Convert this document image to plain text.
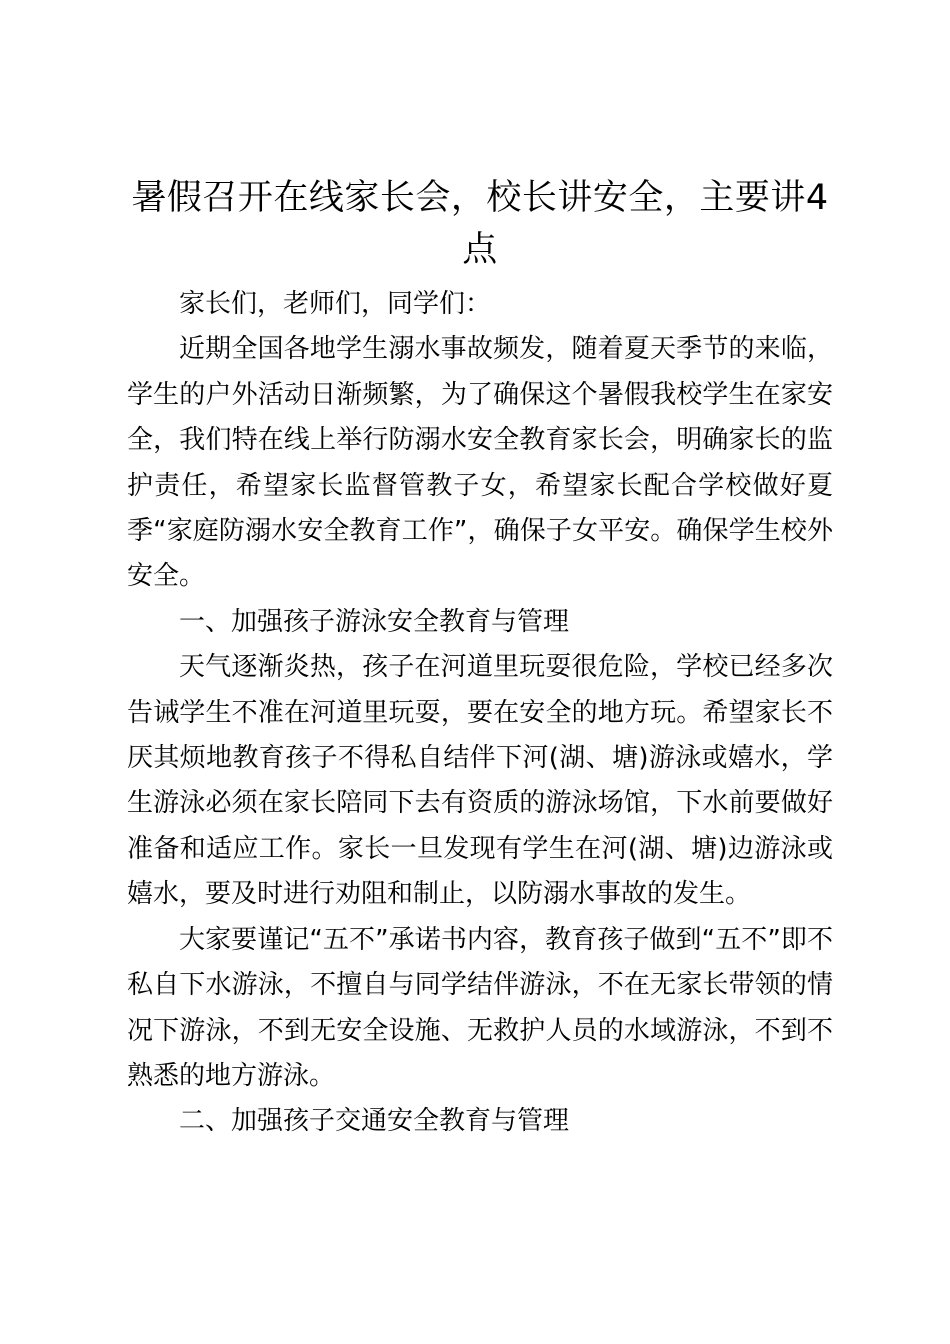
暑假召开在线家长会，校长讲安全，主要讲4点

家长们，老师们，同学们：

近期全国各地学生溺水事故频发，随着夏天季节的来临，学生的户外活动日渐频繁，为了确保这个暑假我校学生在家安全，我们特在线上举行防溺水安全教育家长会，明确家长的监护责任，希望家长监督管教子女，希望家长配合学校做好夏季“家庭防溺水安全教育工作”，确保子女平安。确保学生校外安全。

一、加强孩子游泳安全教育与管理

天气逐渐炎热，孩子在河道里玩耍很危险，学校已经多次告诫学生不准在河道里玩耍，要在安全的地方玩。希望家长不厌其烦地教育孩子不得私自结伴下河(湖、塘)游泳或嬉水，学生游泳必须在家长陪同下去有资质的游泳场馆，下水前要做好准备和适应工作。家长一旦发现有学生在河(湖、塘)边游泳或嬉水，要及时进行劝阻和制止，以防溺水事故的发生。

大家要谨记“五不”承诺书内容，教育孩子做到“五不”即不私自下水游泳，不擅自与同学结伴游泳，不在无家长带领的情况下游泳，不到无安全设施、无救护人员的水域游泳，不到不熟悉的地方游泳。

二、加强孩子交通安全教育与管理
